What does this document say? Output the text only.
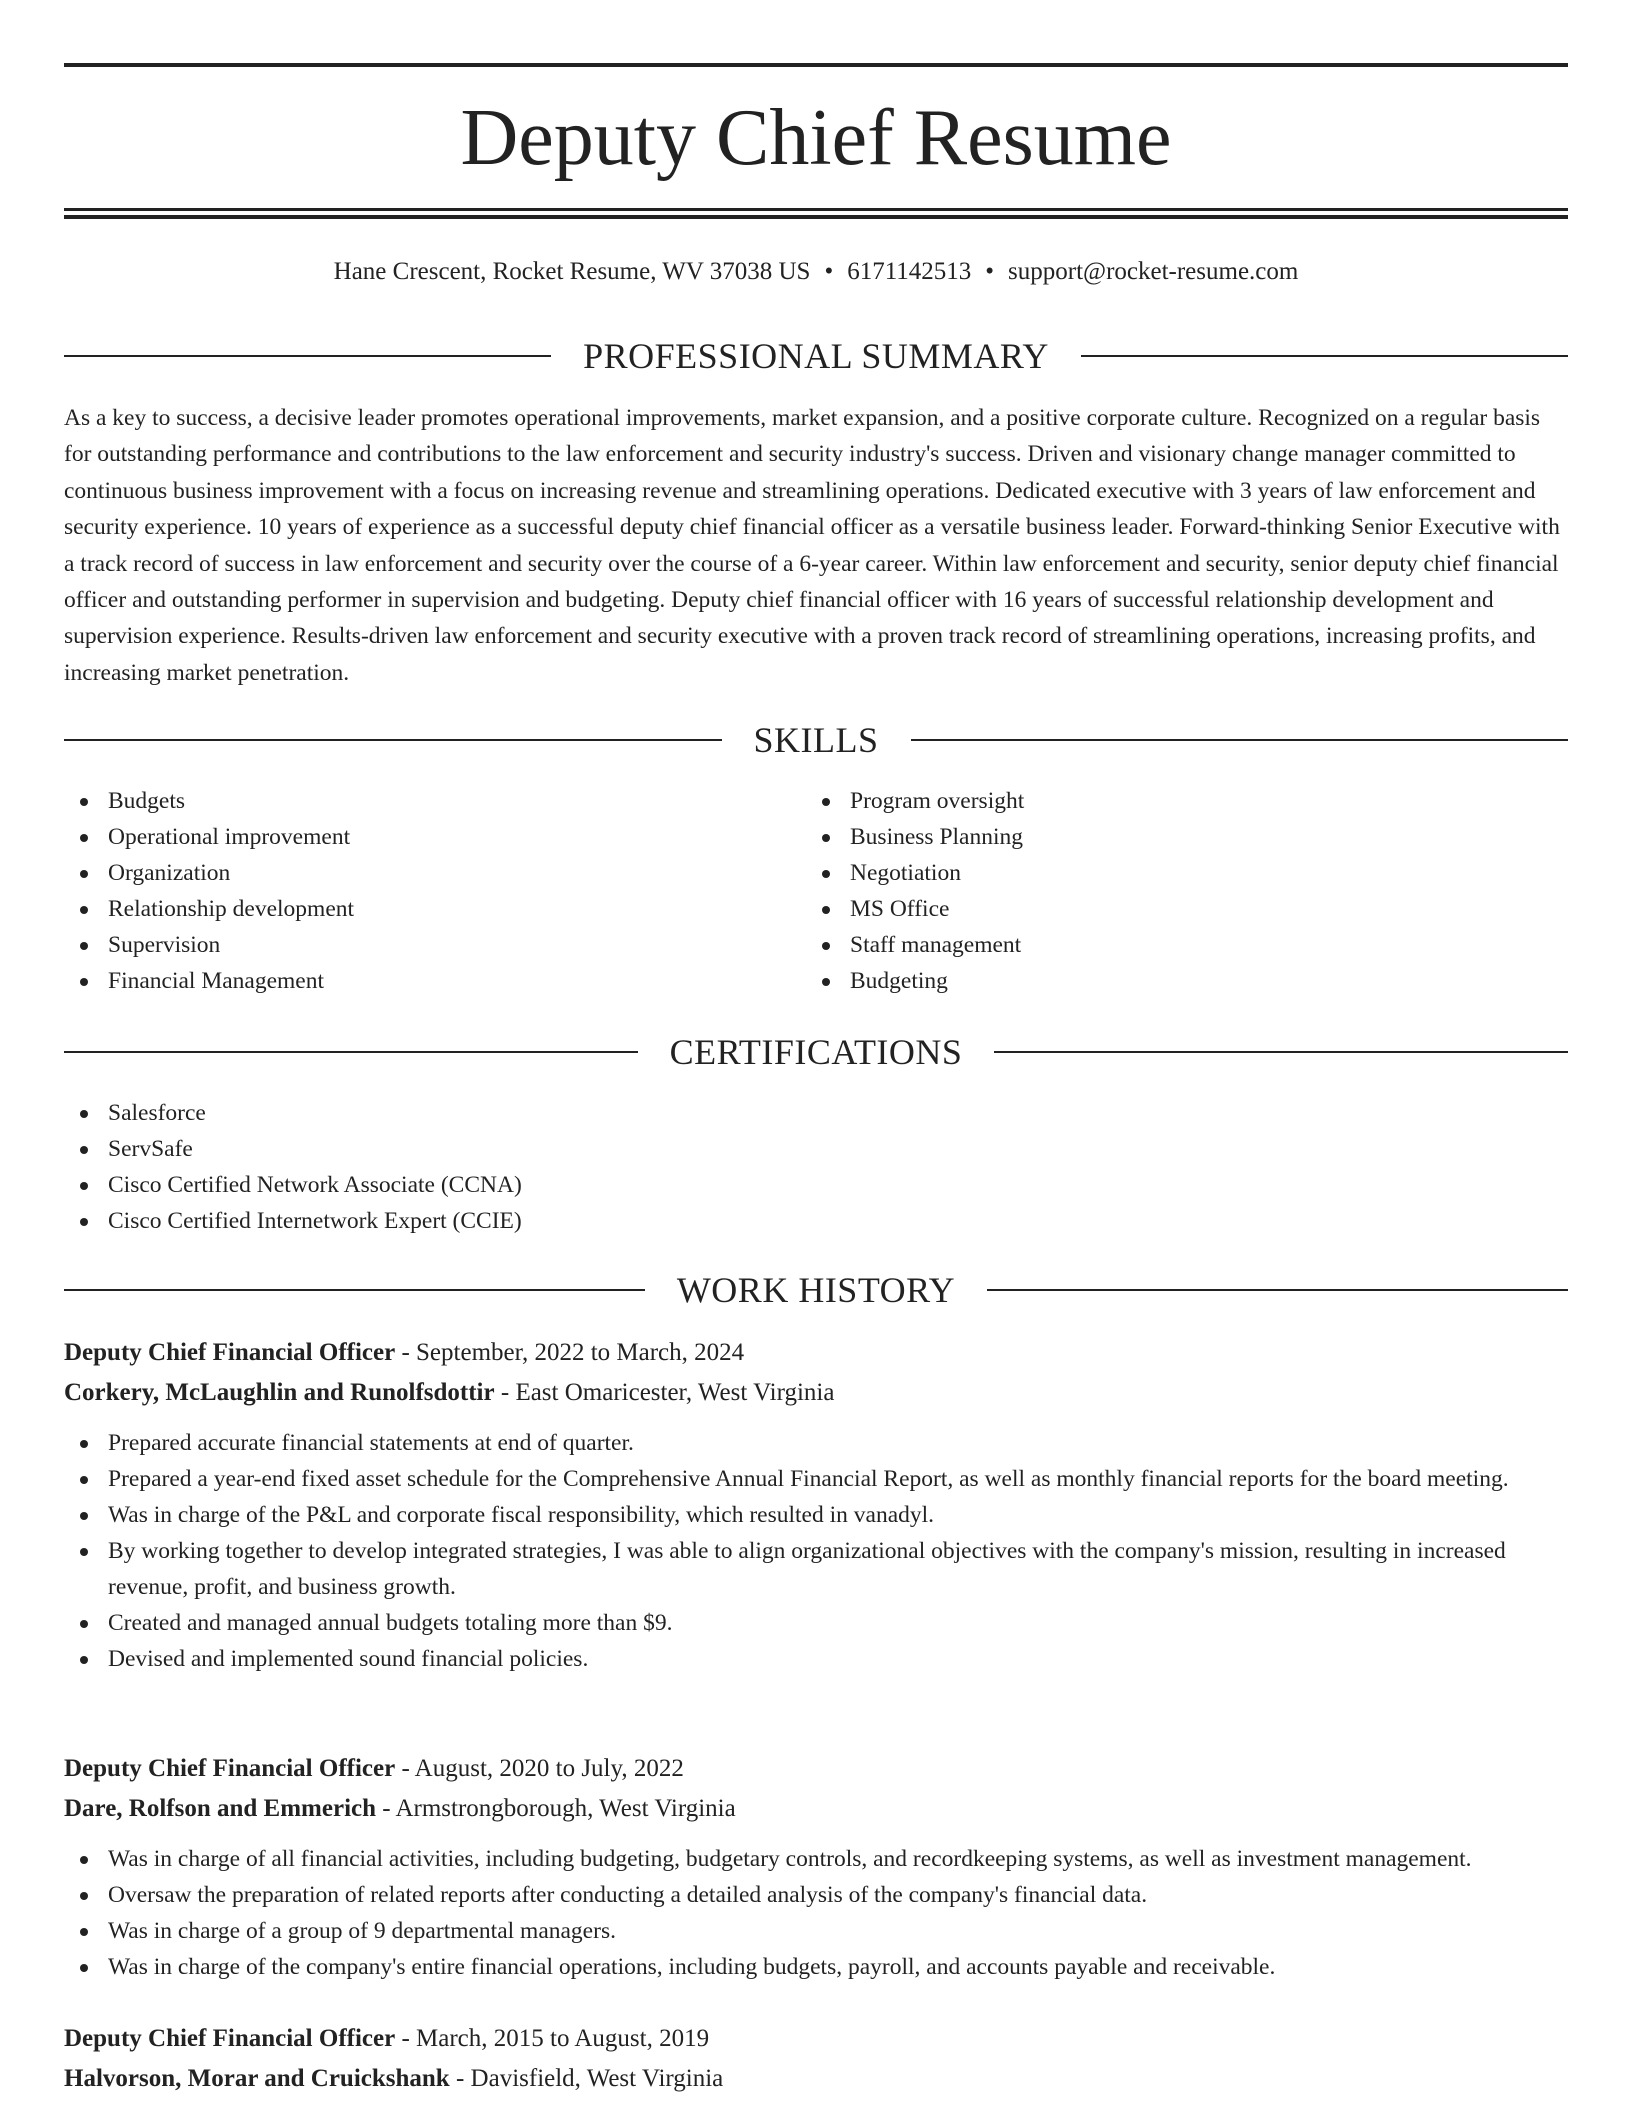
Deputy Chief Resume
Hane Crescent, Rocket Resume, WV 37038 US • 6171142513 • support@rocket-resume.com
PROFESSIONAL SUMMARY

As a key to success, a decisive leader promotes operational improvements, market expansion, and a positive corporate culture. Recognized on a regular basis for outstanding performance and contributions to the law enforcement and security industry's success. Driven and visionary change manager committed to continuous business improvement with a focus on increasing revenue and streamlining operations. Dedicated executive with 3 years of law enforcement and security experience. 10 years of experience as a successful deputy chief financial officer as a versatile business leader. Forward-thinking Senior Executive with a track record of success in law enforcement and security over the course of a 6-year career. Within law enforcement and security, senior deputy chief financial officer and outstanding performer in supervision and budgeting. Deputy chief financial officer with 16 years of successful relationship development and supervision experience. Results-driven law enforcement and security executive with a proven track record of streamlining operations, increasing profits, and increasing market penetration.

SKILLS
Budgets
Operational improvement
Organization
Relationship development
Supervision
Financial Management
Program oversight
Business Planning
Negotiation
MS Office
Staff management
Budgeting
CERTIFICATIONS
Salesforce
ServSafe
Cisco Certified Network Associate (CCNA)
Cisco Certified Internetwork Expert (CCIE)
WORK HISTORY
Deputy Chief Financial Officer - September, 2022 to March, 2024
Corkery, McLaughlin and Runolfsdottir - East Omaricester, West Virginia
Prepared accurate financial statements at end of quarter.
Prepared a year-end fixed asset schedule for the Comprehensive Annual Financial Report, as well as monthly financial reports for the board meeting.
Was in charge of the P&L and corporate fiscal responsibility, which resulted in vanadyl.
By working together to develop integrated strategies, I was able to align organizational objectives with the company's mission, resulting in increased revenue, profit, and business growth.
Created and managed annual budgets totaling more than $9.
Devised and implemented sound financial policies.
Deputy Chief Financial Officer - August, 2020 to July, 2022
Dare, Rolfson and Emmerich - Armstrongborough, West Virginia
Was in charge of all financial activities, including budgeting, budgetary controls, and recordkeeping systems, as well as investment management.
Oversaw the preparation of related reports after conducting a detailed analysis of the company's financial data.
Was in charge of a group of 9 departmental managers.
Was in charge of the company's entire financial operations, including budgets, payroll, and accounts payable and receivable.
Deputy Chief Financial Officer - March, 2015 to August, 2019
Halvorson, Morar and Cruickshank - Davisfield, West Virginia
